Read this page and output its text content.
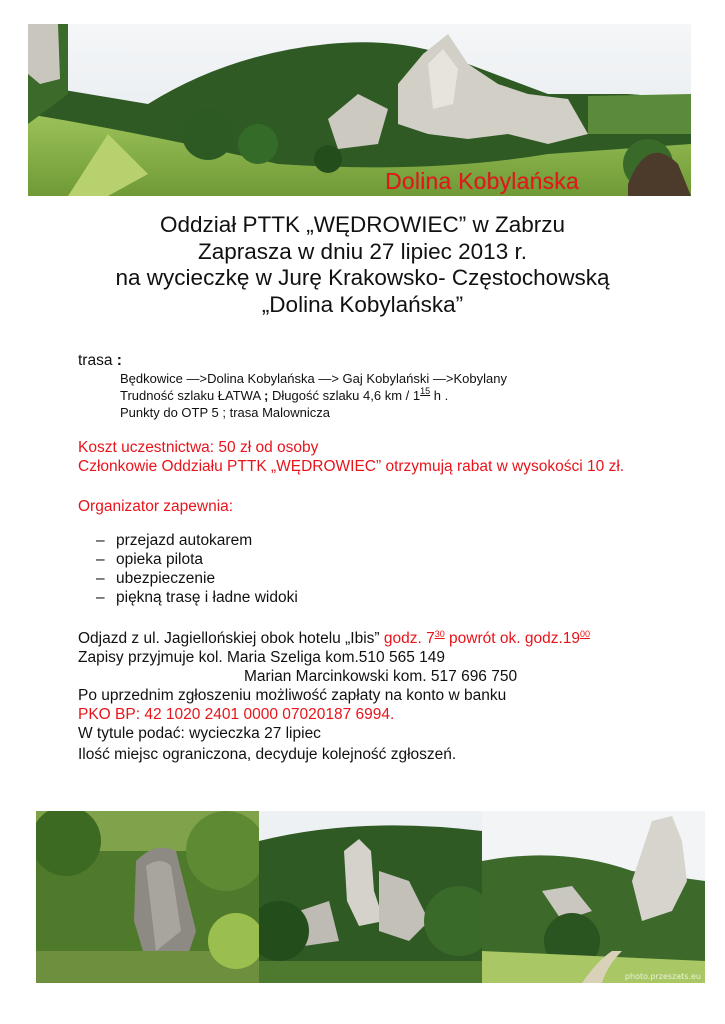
Dolina Kobylańska
Oddział PTTK „WĘDROWIEC” w Zabrzu
Zaprasza w dniu 27 lipiec 2013 r.
na wycieczkę w Jurę Krakowsko- Częstochowską
„Dolina Kobylańska”
trasa :
Będkowice —>Dolina Kobylańska —> Gaj Kobylański —>Kobylany
Trudność szlaku ŁATWA ; Długość szlaku 4,6 km / $1^{15}$ h .
Punkty do OTP 5 ; trasa Malownicza
Koszt uczestnictwa: 50 zł od osoby
Członkowie Oddziału PTTK „WĘDROWIEC” otrzymują rabat w wysokości 10 zł.
Organizator zapewnia:
– przejazd autokarem
– opieka pilota
– ubezpieczenie
– piękną trasę i ładne widoki
Odjazd z ul. Jagiellońskiej obok hotelu „Ibis” godz. $7^{30}$ powrót ok. $godz.19^{00}$
Zapisy przyjmuje kol. Maria Szeliga kom.510 565 149
Marian Marcinkowski kom. 517 696 750
Po uprzednim zgłoszeniu możliwość zapłaty na konto w banku
PKO BP: 42 1020 2401 0000 07020187 6994.
W tytule podać: wycieczka 27 lipiec
Ilość miejsc ograniczona, decyduje kolejność zgłoszeń.
photo.przeszats.eu
